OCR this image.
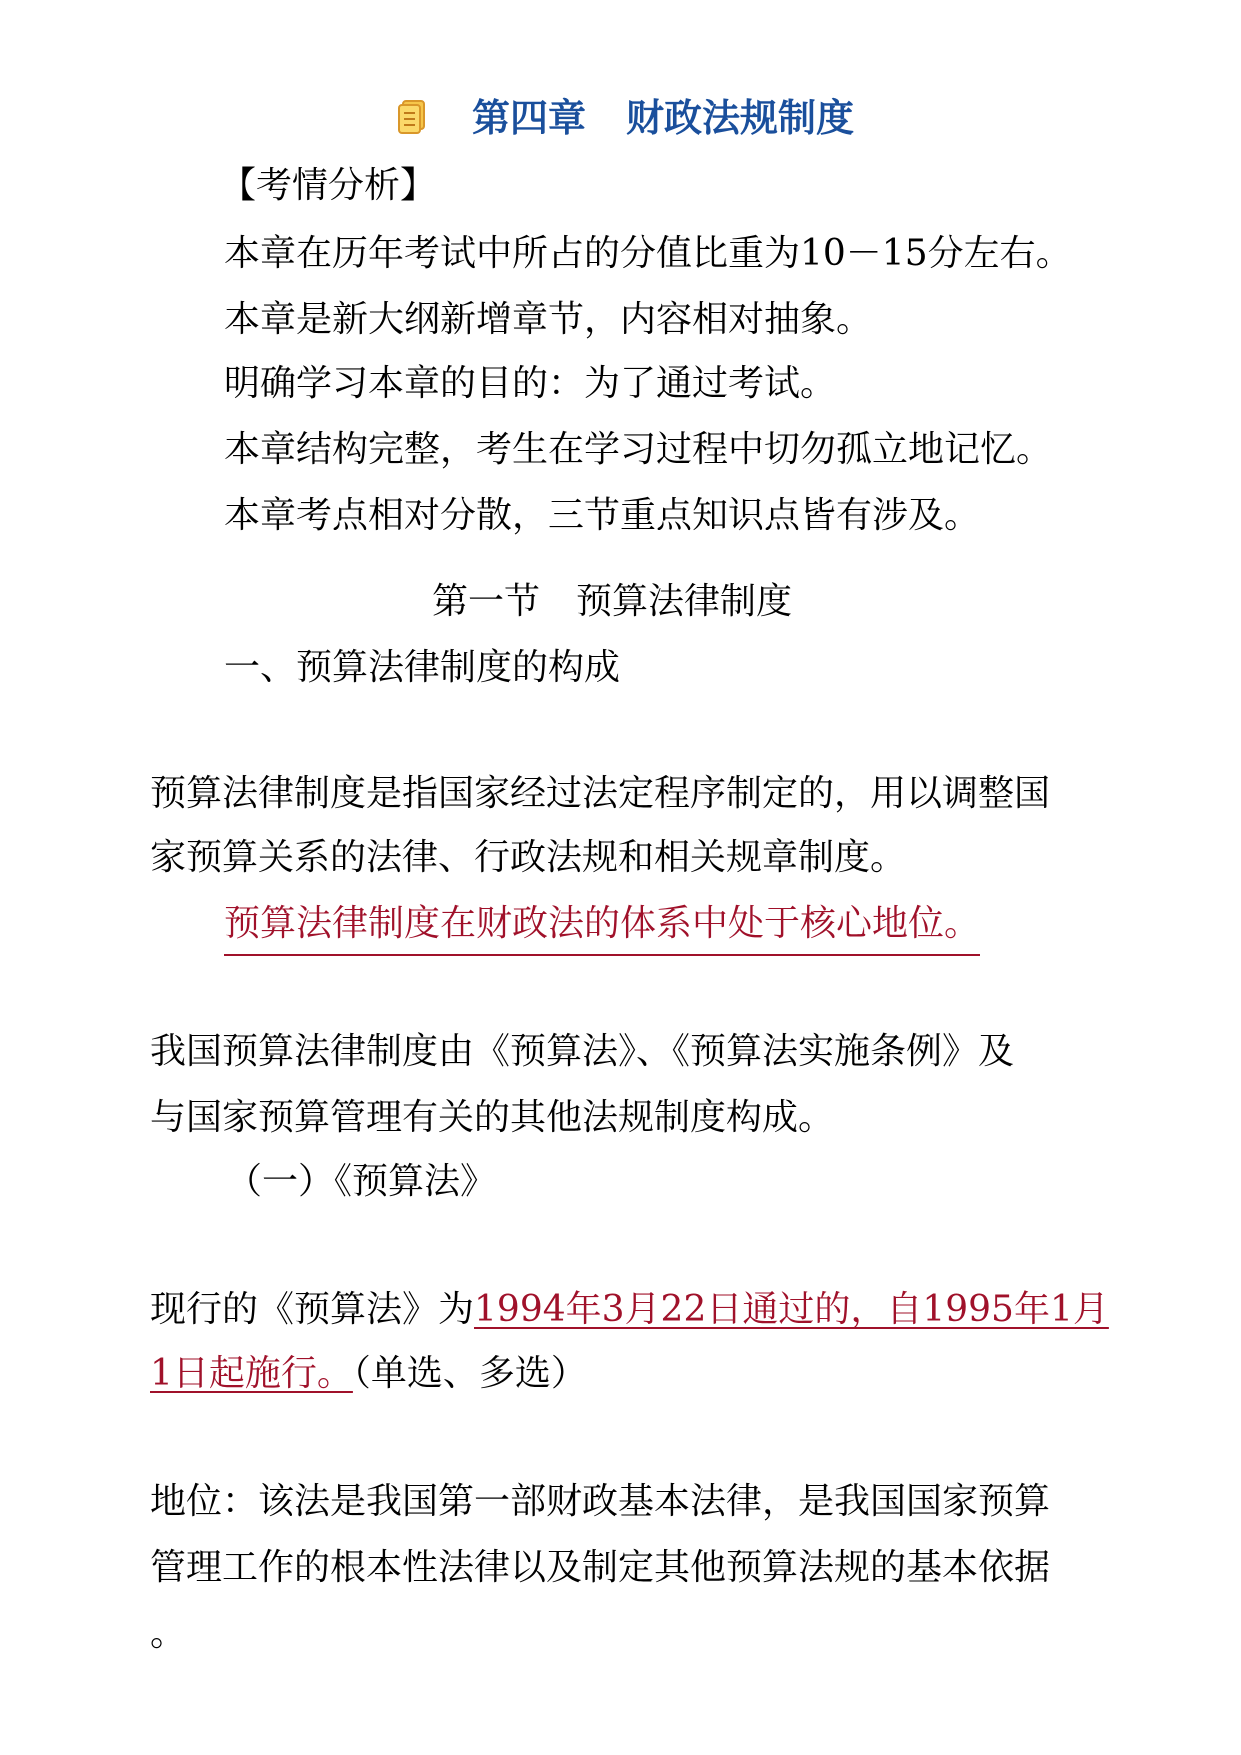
第四章 财政法规制度

【考情分析】

本章在历年考试中所占的分值比重为10－15分左右。

本章是新大纲新增章节，内容相对抽象。

明确学习本章的目的：为了通过考试。

本章结构完整，考生在学习过程中切勿孤立地记忆。

本章考点相对分散，三节重点知识点皆有涉及。

第一节　预算法律制度

一、预算法律制度的构成

预算法律制度是指国家经过法定程序制定的，用以调整国

家预算关系的法律、行政法规和相关规章制度。

预算法律制度在财政法的体系中处于核心地位。

我国预算法律制度由《预算法》、《预算法实施条例》及

与国家预算管理有关的其他法规制度构成。

（一）《预算法》

现行的《预算法》为1994年3月22日通过的，自1995年1月

1日起施行。（单选、多选）

地位：该法是我国第一部财政基本法律，是我国国家预算

管理工作的根本性法律以及制定其他预算法规的基本依据

。
